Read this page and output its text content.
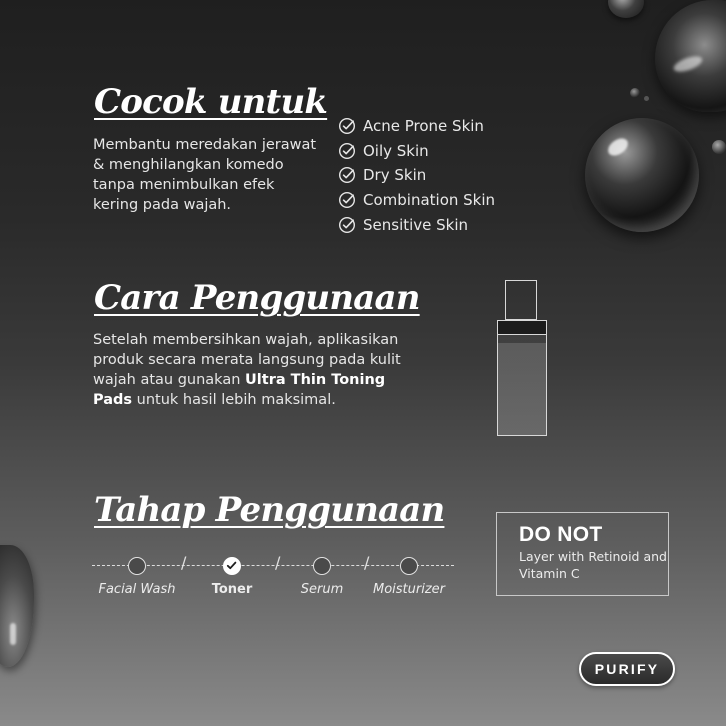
Cocok untuk

Membantu meredakan jerawat & menghilangkan komedo tanpa menimbulkan efek kering pada wajah.

Acne Prone Skin
Oily Skin
Dry Skin
Combination Skin
Sensitive Skin
Cara Penggunaan

Setelah membersihkan wajah, aplikasikan produk secara merata langsung pada kulit wajah atau gunakan Ultra Thin Toning Pads untuk hasil lebih maksimal.

Tahap Penggunaan
/	/	/
Facial Wash	Toner	Serum Moisturizer
DO NOT
Layer with Retinoid and Vitamin C
PURIFY
